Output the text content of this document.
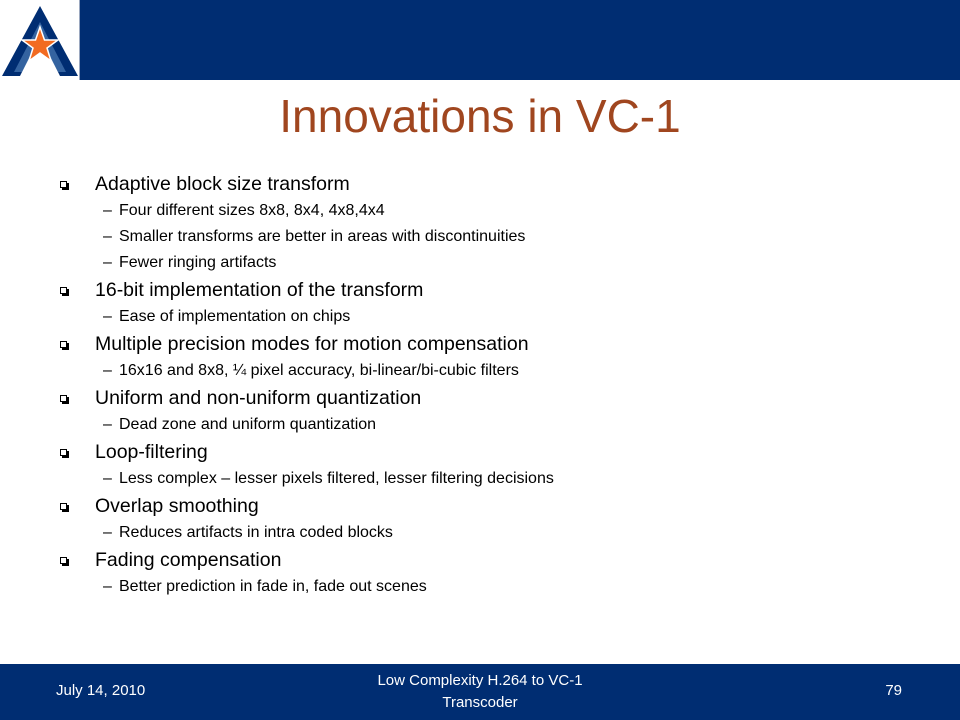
Innovations in VC-1
Adaptive block size transform
– Four different sizes 8x8, 8x4, 4x8,4x4
– Smaller transforms are better in areas with discontinuities
– Fewer ringing artifacts
16-bit implementation of the transform
– Ease of implementation on chips
Multiple precision modes for motion compensation
– 16x16 and 8x8, ¼ pixel accuracy, bi-linear/bi-cubic filters
Uniform and non-uniform quantization
– Dead zone and uniform quantization
Loop-filtering
– Less complex – lesser pixels filtered, lesser filtering decisions
Overlap smoothing
– Reduces artifacts in intra coded blocks
Fading compensation
– Better prediction in fade in, fade out scenes
July 14, 2010
Low Complexity H.264 to VC-1
Transcoder
79
